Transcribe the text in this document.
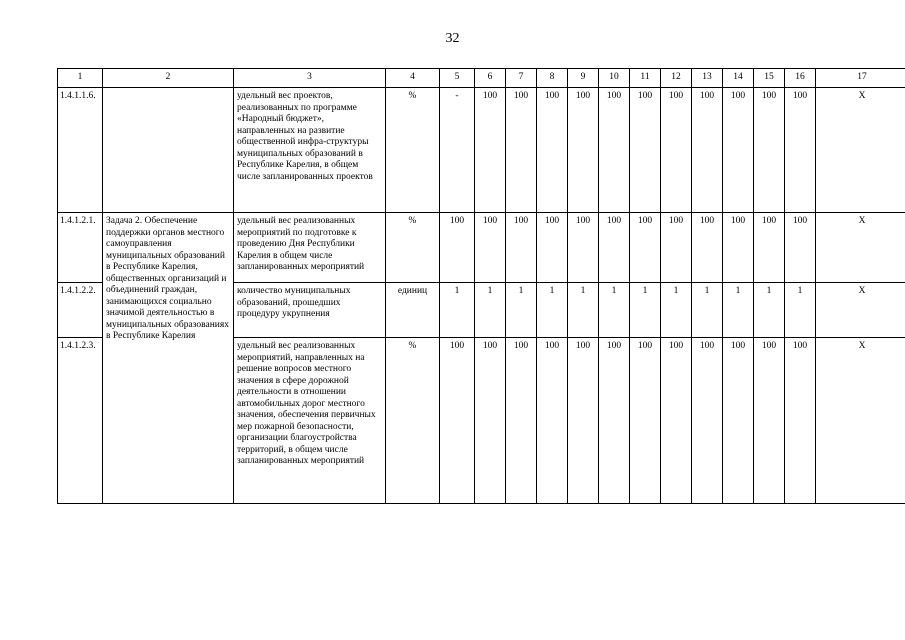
32
1	2	3	4	5	6	7	8	9	10	11	12	13	14	15	16	17
1.4.1.1.6.		удельный вес проектов, реализованных по программе «Народный бюджет», направленных на развитие общественной инфра-структуры муниципальных образований в Республике Карелия, в общем числе запланированных проектов	%	-	100	100	100	100	100	100	100	100	100	100	100	X
1.4.1.2.1.	Задача 2. Обеспечение поддержки органов местного самоуправления муниципальных образований в Республике Карелия, общественных организаций и объединений граждан, занимающихся социально значимой деятельностью в муниципальных образованиях в Республике Карелия	удельный вес реализованных мероприятий по подготовке к проведению Дня Республики Карелия в общем числе запланированных мероприятий	%	100	100	100	100	100	100	100	100	100	100	100	100	X
1.4.1.2.2.		количество муниципальных образований, прошедших процедуру укрупнения	единиц	1	1	1	1	1	1	1	1	1	1	1	1	X
1.4.1.2.3.		удельный вес реализованных мероприятий, направленных на решение вопросов местного значения в сфере дорожной деятельности в отношении автомобильных дорог местного значения, обеспечения первичных мер пожарной безопасности, организации благоустройства территорий, в общем числе запланированных мероприятий	%	100	100	100	100	100	100	100	100	100	100	100	100	X
